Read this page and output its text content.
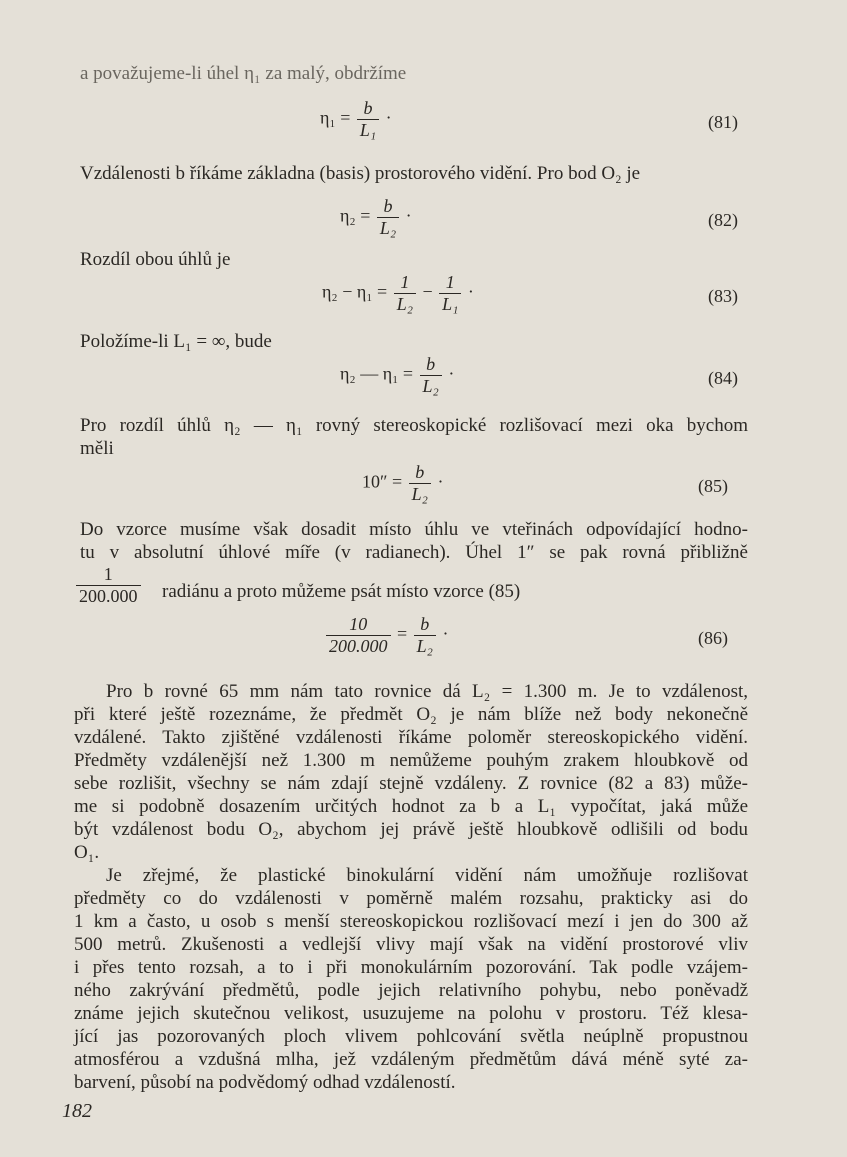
a považujeme-li úhel η₁ za malý, obdržíme
$\eta_1 = \frac{b}{\text{L₁}}$ ·	(81)
Vzdálenosti b říkáme základna (basis) prostorového vidění. Pro bod O₂ je
$\eta_2 = \frac{b}{\text{L₂}}$ ·	(82)
Rozdíl obou úhlů je
$\eta_2 - \eta_1 = \frac{1}{\text{L₂}} - \frac{1}{\text{L₁}}$ ·	(83)
Položíme-li L₁ = ∞, bude
η₂ — $\eta_1 = \frac{b}{\text{L₂}}$ ·	(84)
Pro rozdíl úhlů η₂ — η₁ rovný stereoskopické rozlišovací mezi oka bychom
měli
$10'' = \frac{b}{\text{L₂}}$ ·	(85)
Do vzorce musíme však dosadit místo úhlu ve vteřinách odpovídající hodno-
tu v absolutní úhlové míře (v radianech). Úhel 1″ se pak rovná přibližně
$\frac{1}{200.000}$ radiánu a proto můžeme psát místo vzorce (85)
$\frac{10}{200.000} = \frac{b}{\text{L₂}}$ ·	(86)
Pro b rovné 65 mm nám tato rovnice dá L₂ = 1.300 m. Je to vzdálenost,
při které ještě rozeznáme, že předmět O₂ je nám blíže než body nekonečně
vzdálené. Takto zjištěné vzdálenosti říkáme poloměr stereoskopického vidění.
Předměty vzdálenější než 1.300 m nemůžeme pouhým zrakem hloubkově od
sebe rozlišit, všechny se nám zdají stejně vzdáleny. Z rovnice (82 a 83) může-
me si podobně dosazením určitých hodnot za b a L₁ vypočítat, jaká může
být vzdálenost bodu O₂, abychom jej právě ještě hloubkově odlišili od bodu
O₁.
Je zřejmé, že plastické binokulární vidění nám umožňuje rozlišovat
předměty co do vzdálenosti v poměrně malém rozsahu, prakticky asi do
1 km a často, u osob s menší stereoskopickou rozlišovací mezí i jen do 300 až
500 metrů. Zkušenosti a vedlejší vlivy mají však na vidění prostorové vliv
i přes tento rozsah, a to i při monokulárním pozorování. Tak podle vzájem-
ného zakrývání předmětů, podle jejich relativního pohybu, nebo poněvadž
známe jejich skutečnou velikost, usuzujeme na polohu v prostoru. Též klesa-
jící jas pozorovaných ploch vlivem pohlcování světla neúplně propustnou
atmosférou a vzdušná mlha, jež vzdáleným předmětům dává méně syté za-
barvení, působí na podvědomý odhad vzdáleností.
182
